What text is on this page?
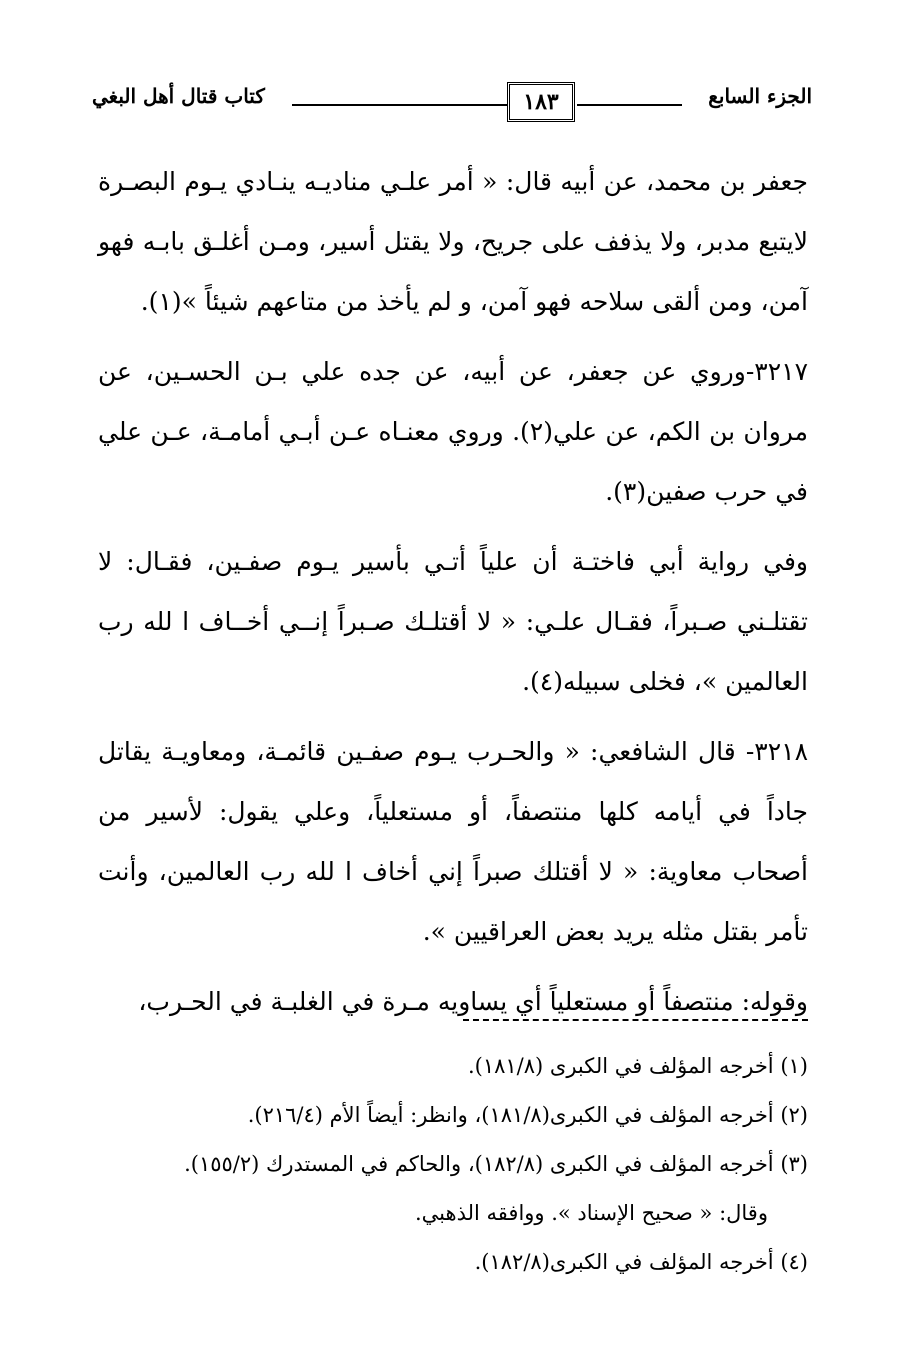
كتاب قتال أهل البغي	١٨٣	الجزء السابع

جعفر بن محمد، عن أبيه قال: « أمر علـي مناديـه ينـادي يـوم البصـرة لايتبع مدبر، ولا يذفف على جريح، ولا يقتل أسير، ومـن أغلـق بابـه فهو آمن، ومن ألقى سلاحه فهو آمن، و لم يأخذ من متاعهم شيئاً »(١).

٣٢١٧-وروي عن جعفر، عن أبيه، عن جده علي بـن الحسـين، عن مروان بن الكم، عن علي(٢). وروي معنـاه عـن أبـي أمامـة، عـن علي في حرب صفين(٣).

وفي رواية أبي فاختـة أن علياً أتـي بأسير يـوم صفـين، فقـال: لا تقتلـني صـبراً، فقـال علـي: « لا أقتلـك صـبراً إنــي أخــاف ا لله رب العالمين »، فخلى سبيله(٤).

٣٢١٨- قال الشافعي: « والحـرب يـوم صفـين قائمـة، ومعاويـة يقاتل جاداً في أيامه كلها منتصفاً، أو مستعلياً، وعلي يقول: لأسير من أصحاب معاوية: « لا أقتلك صبراً إني أخاف ا لله رب العالمين، وأنت تأمر بقتل مثله يريد بعض العراقيين ».

وقوله: منتصفاً أو مستعلياً أي يساويه مـرة في الغلبـة في الحـرب،

(١) أخرجه المؤلف في الكبرى (١٨١/٨).

(٢) أخرجه المؤلف في الكبرى(١٨١/٨)، وانظر: أيضاً الأم (٢١٦/٤).

(٣) أخرجه المؤلف في الكبرى (١٨٢/٨)، والحاكم في المستدرك (١٥٥/٢).

وقال: « صحيح الإسناد ». ووافقه الذهبي.

(٤) أخرجه المؤلف في الكبرى(١٨٢/٨).
